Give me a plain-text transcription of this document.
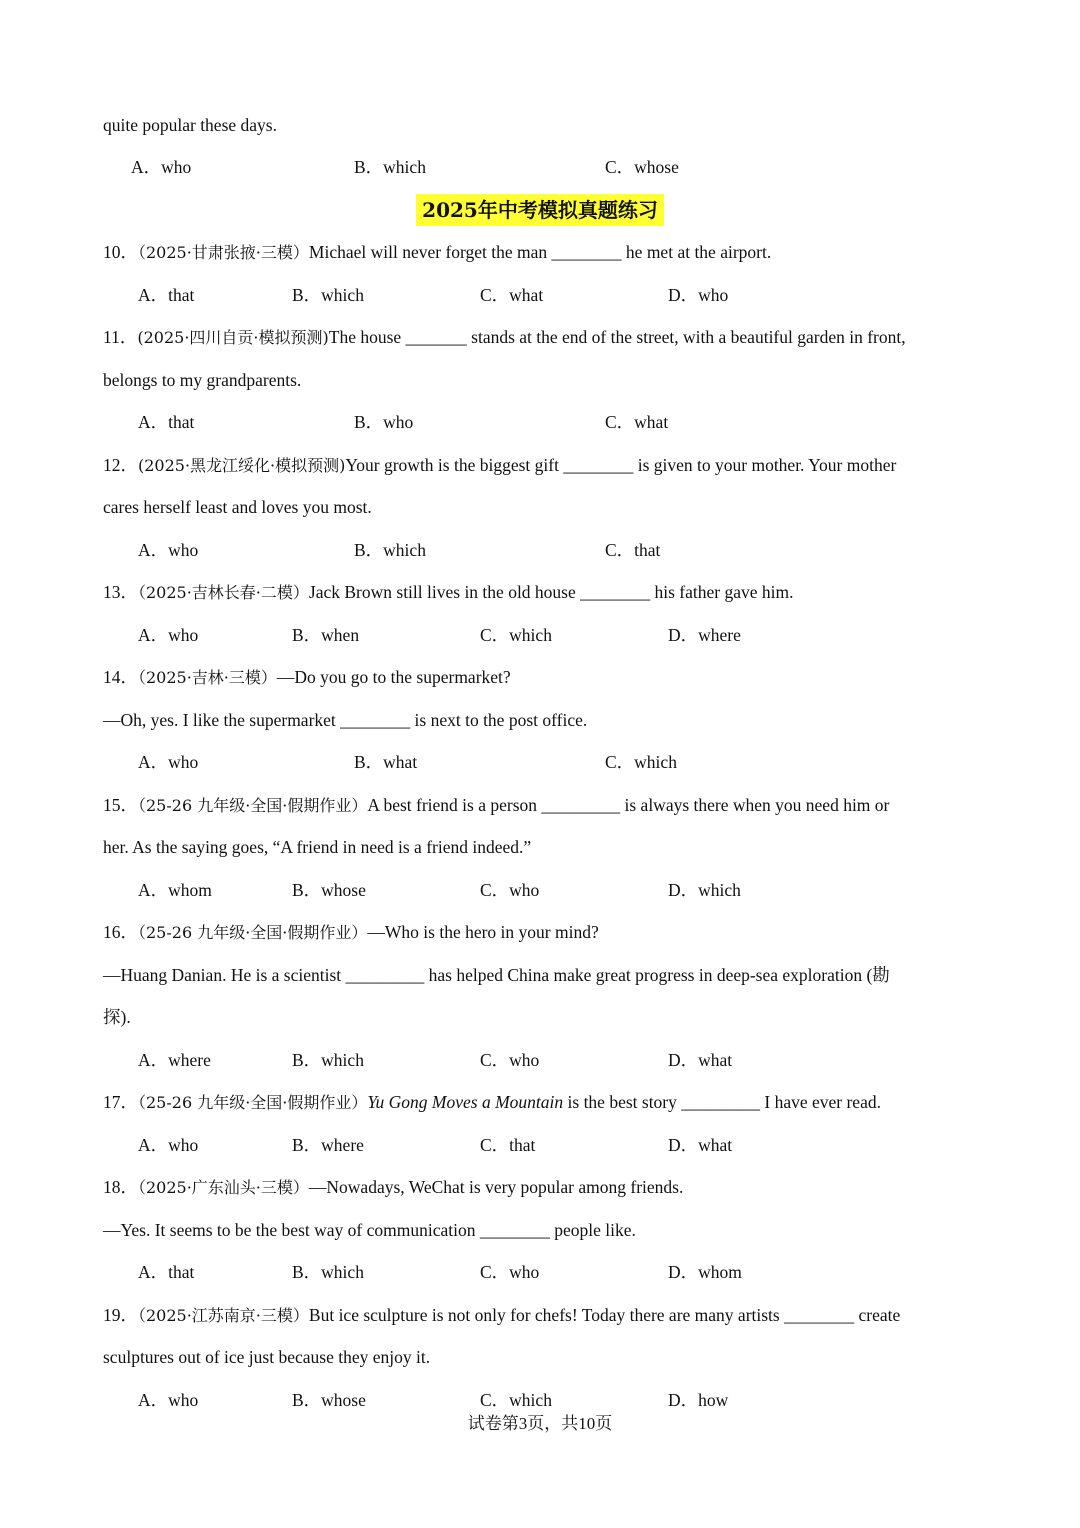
quite popular these days.
A．who	B．which	C．whose
2025年中考模拟真题练习
10．（2025·甘肃张掖·三模）Michael will never forget the man ________ he met at the airport.
A．that	B．which	C．what	D．who
11．(2025·四川自贡·模拟预测)The house _______ stands at the end of the street, with a beautiful garden in front,
belongs to my grandparents.
A．that	B．who	C．what
12．(2025·黑龙江绥化·模拟预测)Your growth is the biggest gift ________ is given to your mother. Your mother
cares herself least and loves you most.
A．who	B．which	C．that
13．（2025·吉林长春·二模）Jack Brown still lives in the old house ________ his father gave him.
A．who	B．when	C．which	D．where
14．（2025·吉林·三模）—Do you go to the supermarket?
—Oh, yes. I like the supermarket ________ is next to the post office.
A．who	B．what	C．which
15．（25-26 九年级·全国·假期作业）A best friend is a person _________ is always there when you need him or
her. As the saying goes, “A friend in need is a friend indeed.”
A．whom	B．whose	C．who	D．which
16．（25-26 九年级·全国·假期作业）—Who is the hero in your mind?
—Huang Danian. He is a scientist _________ has helped China make great progress in deep-sea exploration (勘
探).
A．where	B．which	C．who	D．what
17．（25-26 九年级·全国·假期作业）Yu Gong Moves a Mountain is the best story _________ I have ever read.
A．who	B．where	C．that	D．what
18．（2025·广东汕头·三模）—Nowadays, WeChat is very popular among friends.
—Yes. It seems to be the best way of communication ________ people like.
A．that	B．which	C．who	D．whom
19．（2025·江苏南京·三模）But ice sculpture is not only for chefs! Today there are many artists ________ create
sculptures out of ice just because they enjoy it.
A．who	B．whose	C．which	D．how
试卷第3页，共10页
